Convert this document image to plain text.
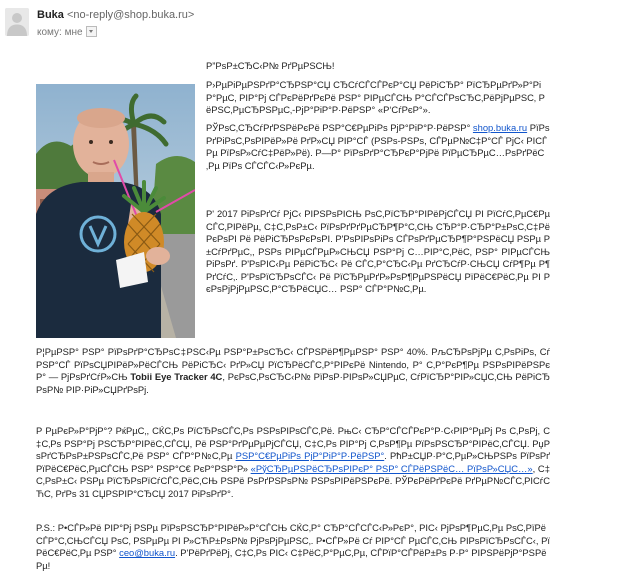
Buka <no-reply@shop.buka.ru>
кому: мне
Р”РѕР±СЂС‹Р№ РґРµРЅСЊ!
Р›РµРіРµРЅРґР°СЂРЅР°СЏ СЂСѓСЃСЃРєР°СЏ РёРіСЂР° РїСЂРµРґР»Р°РіР°РµС‚ РІР°Рј СЃРєРёРґРєРё РЅР° РІРµСЃСЊ Р°СЃСЃРѕСЂС‚РёРјРµРЅС‚ РёРЅС‚РµСЂРЅРµС‚-РјР°РіР°Р·РёРЅР° «Р‘СѓРєР°».
РЎРѕС‚СЂСѓРґРЅРёРєРё РЅР°С€РµРіРѕ РјР°РіР°Р·РёРЅР° shop.buka.ru РїРѕРґРіРѕС‚РѕРІРёР»Рё РґР»СЏ РІР°СЃ (РЅРѕ-РЅРѕ, СЃРµР№С‡Р°СЃ РјС‹ РІСЃРµ РїРѕР»СѓС‡РёР»Рё). Р—Р° РїРѕРґР°СЂРєР°РјРё РїРµСЂРµС…РѕРґРёС‚Рµ РїРѕ СЃСЃС‹Р»РєРµ.
Р' 2017 РіРѕРґСѓ РјС‹ РІРЅРѕРІСЊ РѕС‚РїСЂР°РІРёРјСЃСЏ РІ РїСѓС‚РµС€РµСЃС‚РІРёРµ, С‡С‚РѕР±С‹ РїРѕРґРґРµСЂР¶Р°С‚СЊ СЂР°Р·СЂР°Р±РѕС‚С‡РёРєРѕРІ Рё РёРіСЂРѕРєРѕРІ. Р'РѕРІРѕРіРѕ СЃРѕРґРµСЂР¶Р°РЅРёСЏ РЅРµ Р±СѓРґРµС‚, РЅРѕ РІРµСЃРµР»СЊСЏ РЅР°Рј С…РІР°С‚РёС‚ РЅР° РІРµСЃСЊ РіРѕРґ. Р'РѕРІС‹Рµ РёРіСЂС‹ Рё СЃС‚Р°СЂС‹Рµ РґСЂСѓР·СЊСЏ СѓР¶Рµ Р¶РґСѓС‚. Р'РѕРїСЂРѕСЃС‹ Рё РїСЂРµРґР»РѕР¶РµРЅРёСЏ РїРёС€РёС‚Рµ РІ РєРѕРјРјРµРЅС‚Р°СЂРёСЏС… РЅР° СЃР°Р№С‚Рµ.
Р¦РµРЅР° РЅР° РїРѕРґР°СЂРѕС‡РЅС‹Рµ РЅР°Р±РѕСЂС‹ СЃРЅРёР¶РµРЅР° РЅР° 40%. РљСЂРѕРјРµ С‚РѕРіРѕ, Сѓ РЅР°СЃ РїРѕСЏРІРёР»РёСЃСЊ РёРіСЂС‹ РґР»СЏ РїСЂРёСЃС‚Р°РІРєРё Nintendo, Р° С‚Р°РєР¶Рµ РЅРѕРІРёРЅРєР° — РјРѕРґСѓР»СЊ Tobii Eye Tracker 4C, РєРѕС‚РѕСЂС‹Р№ РїРѕР·РІРѕР»СЏРµС‚ СѓРїСЂР°РІР»СЏС‚СЊ РёРіСЂРѕР№ РІР·РіР»СЏРґРѕРј.
Р РµРєР»Р°РјР°? РќРµС‚, СЌС‚Рѕ РїСЂРѕСЃС‚Рѕ РЅРѕРІРѕСЃС‚Рё. РњС‹ СЂР°СЃСЃРєР°Р·С‹РІР°РµРј Рѕ С‚РѕРј, С‡С‚Рѕ РЅР°Рј РЅСЂР°РІРёС‚СЃСЏ, Рё РЅР°РґРµРµРјСЃСЏ, С‡С‚Рѕ РІР°Рј С‚РѕР¶Рµ РїРѕРЅСЂР°РІРёС‚СЃСЏ. РџРѕРґСЂРѕР±РЅРѕСЃС‚Рё РЅР° СЃР°Р№С‚Рµ РЅР°С€РµРіРѕ РјР°РіР°Р·РёРЅР°. РћР±СЏР·Р°С‚РµР»СЊРЅРѕ РїРѕРґРїРёС€РёС‚РµСЃСЊ РЅР° РЅР°С€ РєР°РЅР°Р» «РўСЂРµРЅРёСЂРѕРІРєР° РЅР° СЃРёРЅРёС… РїРѕР»СЏС…», С‡С‚РѕР±С‹ РЅРµ РїСЂРѕРїСѓСЃС‚РёС‚СЊ РЅРё РѕРґРЅРѕР№ РЅРѕРІРёРЅРєРё. РЎРєРёРґРєРё РґРµР№СЃС‚РІСѓСЋС‚ РґРѕ 31 СЏРЅРІР°СЂСЏ 2017 РіРѕРґР°.
P.S.: Р•СЃР»Рё РІР°Рј РЅРµ РїРѕРЅСЂР°РІРёР»Р°СЃСЊ СЌС‚Р° СЂР°СЃСЃС‹Р»РєР°, РІС‹ РјРѕР¶РµС‚Рµ РѕС‚РїРёСЃР°С‚СЊСЃСЏ РѕС‚ РЅРµРµ РІ Р»СЋР±РѕР№ РјРѕРјРµРЅС‚. Р•СЃР»Рё Сѓ РІР°СЃ РµСЃС‚СЊ РІРѕРїСЂРѕСЃС‹, РїРёС€РёС‚Рµ РЅР° ceo@buka.ru. Р'РёРґРёРј, С‡С‚Рѕ РІС‹ С‡РёС‚Р°РµС‚Рµ, СЃРїР°СЃРёР±Рѕ Р·Р° РІРЅРёРјР°РЅРёРµ!
